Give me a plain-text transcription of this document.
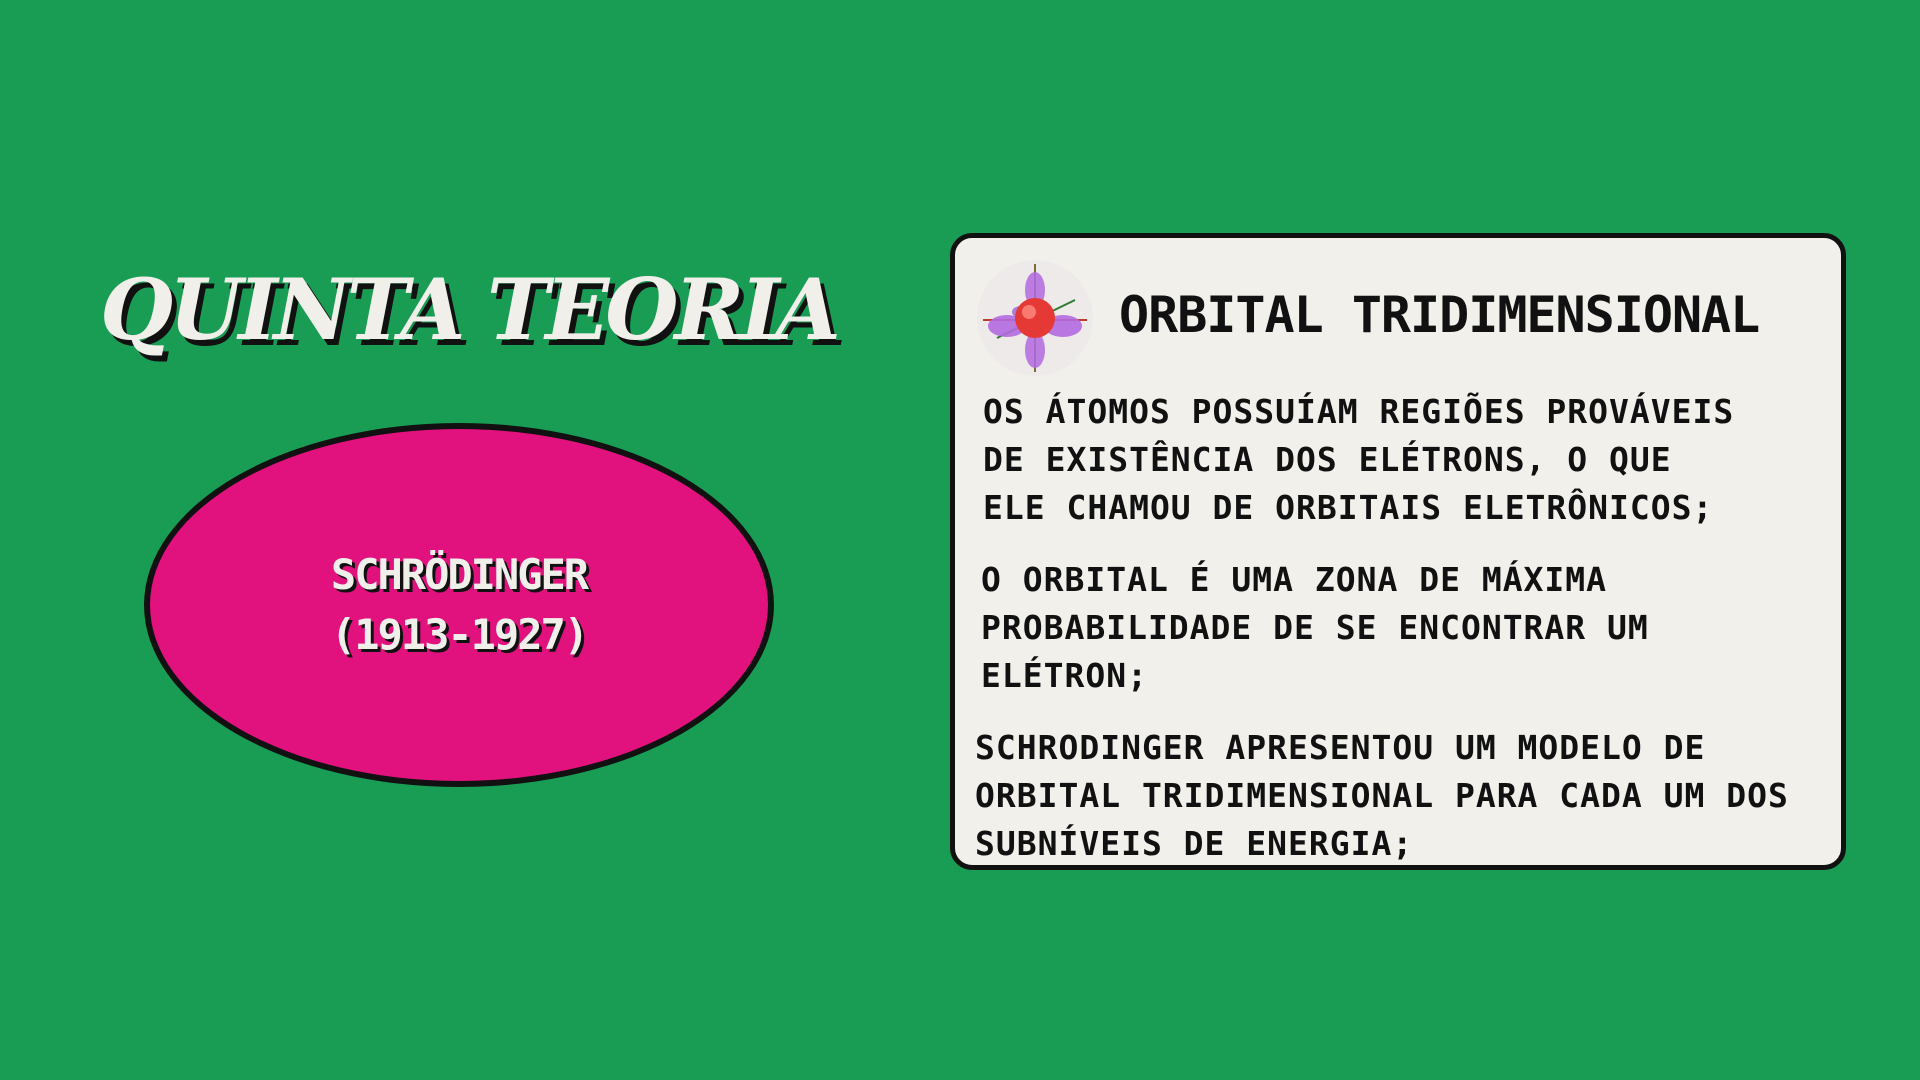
QUINTA TEORIA
SCHRÖDINGER
(1913-1927)
ORBITAL TRIDIMENSIONAL

OS ÁTOMOS POSSUÍAM REGIÕES PROVÁVEIS
DE EXISTÊNCIA DOS ELÉTRONS, O QUE
ELE CHAMOU DE ORBITAIS ELETRÔNICOS;

O ORBITAL É UMA ZONA DE MÁXIMA
PROBABILIDADE DE SE ENCONTRAR UM
ELÉTRON;

SCHRODINGER APRESENTOU UM MODELO DE
ORBITAL TRIDIMENSIONAL PARA CADA UM DOS
SUBNÍVEIS DE ENERGIA;
